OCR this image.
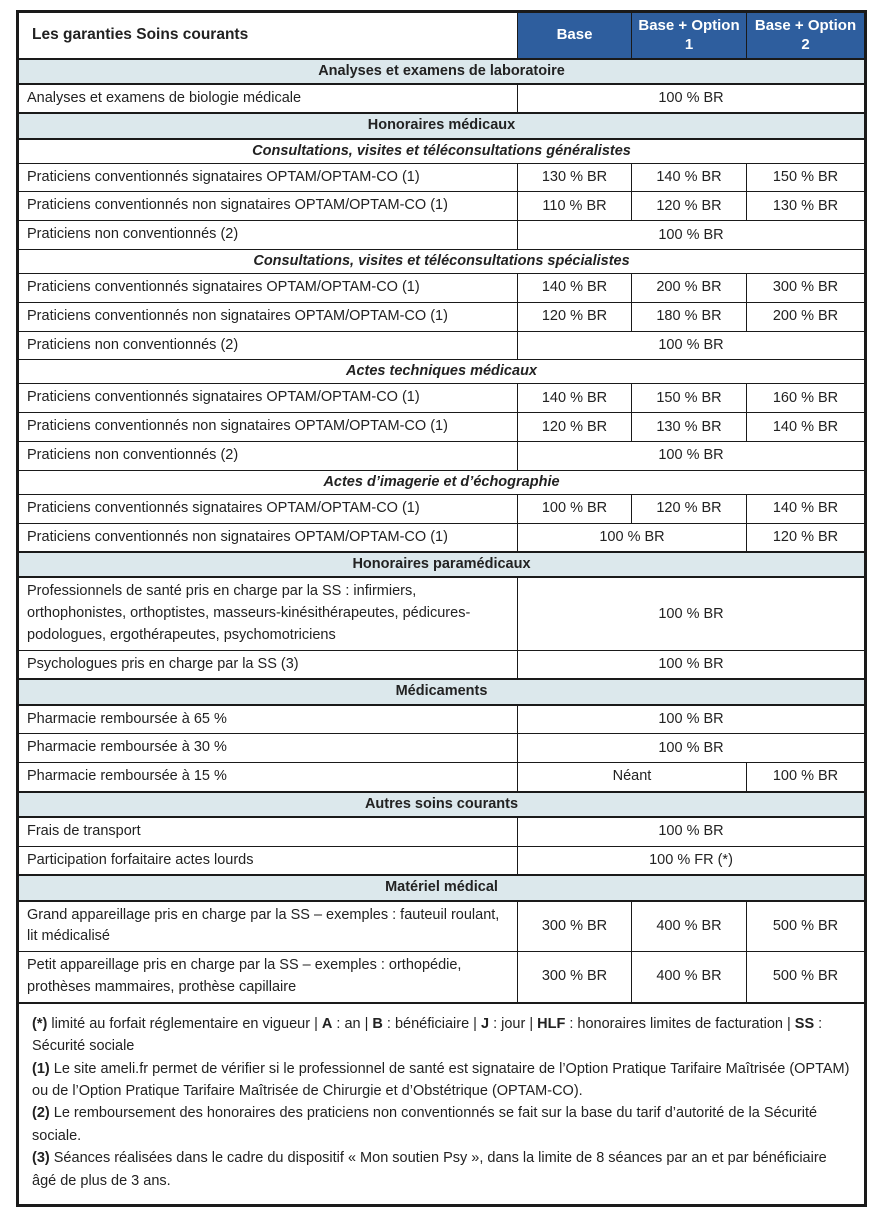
Les garanties Soins courants	Base	Base + Option 1	Base + Option 2
Analyses et examens de laboratoire			
Analyses et examens de biologie médicale	100 % BR		
Honoraires médicaux			
Consultations, visites et téléconsultations généralistes			
Praticiens conventionnés signataires OPTAM/OPTAM-CO (1)	130 % BR	140 % BR	150 % BR
Praticiens conventionnés non signataires OPTAM/OPTAM-CO (1)	110 % BR	120 % BR	130 % BR
Praticiens non conventionnés (2)	100 % BR		
Consultations, visites et téléconsultations spécialistes			
Praticiens conventionnés signataires OPTAM/OPTAM-CO (1)	140 % BR	200 % BR	300 % BR
Praticiens conventionnés non signataires OPTAM/OPTAM-CO (1)	120 % BR	180 % BR	200 % BR
Praticiens non conventionnés (2)	100 % BR		
Actes techniques médicaux			
Praticiens conventionnés signataires OPTAM/OPTAM-CO (1)	140 % BR	150 % BR	160 % BR
Praticiens conventionnés non signataires OPTAM/OPTAM-CO (1)	120 % BR	130 % BR	140 % BR
Praticiens non conventionnés (2)	100 % BR		
Actes d’imagerie et d’échographie			
Praticiens conventionnés signataires OPTAM/OPTAM-CO (1)	100 % BR	120 % BR	140 % BR
Praticiens conventionnés non signataires OPTAM/OPTAM-CO (1)	100 % BR		120 % BR
Honoraires paramédicaux			
Professionnels de santé pris en charge par la SS : infirmiers, orthophonistes, orthoptistes, masseurs-kinésithérapeutes, pédicures-podologues, ergothérapeutes, psychomotriciens	100 % BR		
Psychologues pris en charge par la SS (3)	100 % BR		
Médicaments			
Pharmacie remboursée à 65 %	100 % BR		
Pharmacie remboursée à 30 %	100 % BR		
Pharmacie remboursée à 15 %	Néant		100 % BR
Autres soins courants			
Frais de transport	100 % BR		
Participation forfaitaire actes lourds	100 % FR (*)		
Matériel médical			
Grand appareillage pris en charge par la SS – exemples : fauteuil roulant, lit médicalisé	300 % BR	400 % BR	500 % BR
Petit appareillage pris en charge par la SS – exemples : orthopédie, prothèses mammaires, prothèse capillaire	300 % BR	400 % BR	500 % BR

(*) limité au forfait réglementaire en vigueur | A : an | B : bénéficiaire | J : jour | HLF : honoraires limites de facturation | SS : Sécurité sociale
(1) Le site ameli.fr permet de vérifier si le professionnel de santé est signataire de l’Option Pratique Tarifaire Maîtrisée (OPTAM) ou de l’Option Pratique Tarifaire Maîtrisée de Chirurgie et d’Obstétrique (OPTAM-CO).
(2) Le remboursement des honoraires des praticiens non conventionnés se fait sur la base du tarif d’autorité de la Sécurité sociale.
(3) Séances réalisées dans le cadre du dispositif « Mon soutien Psy », dans la limite de 8 séances par an et par bénéficiaire âgé de plus de 3 ans.			
